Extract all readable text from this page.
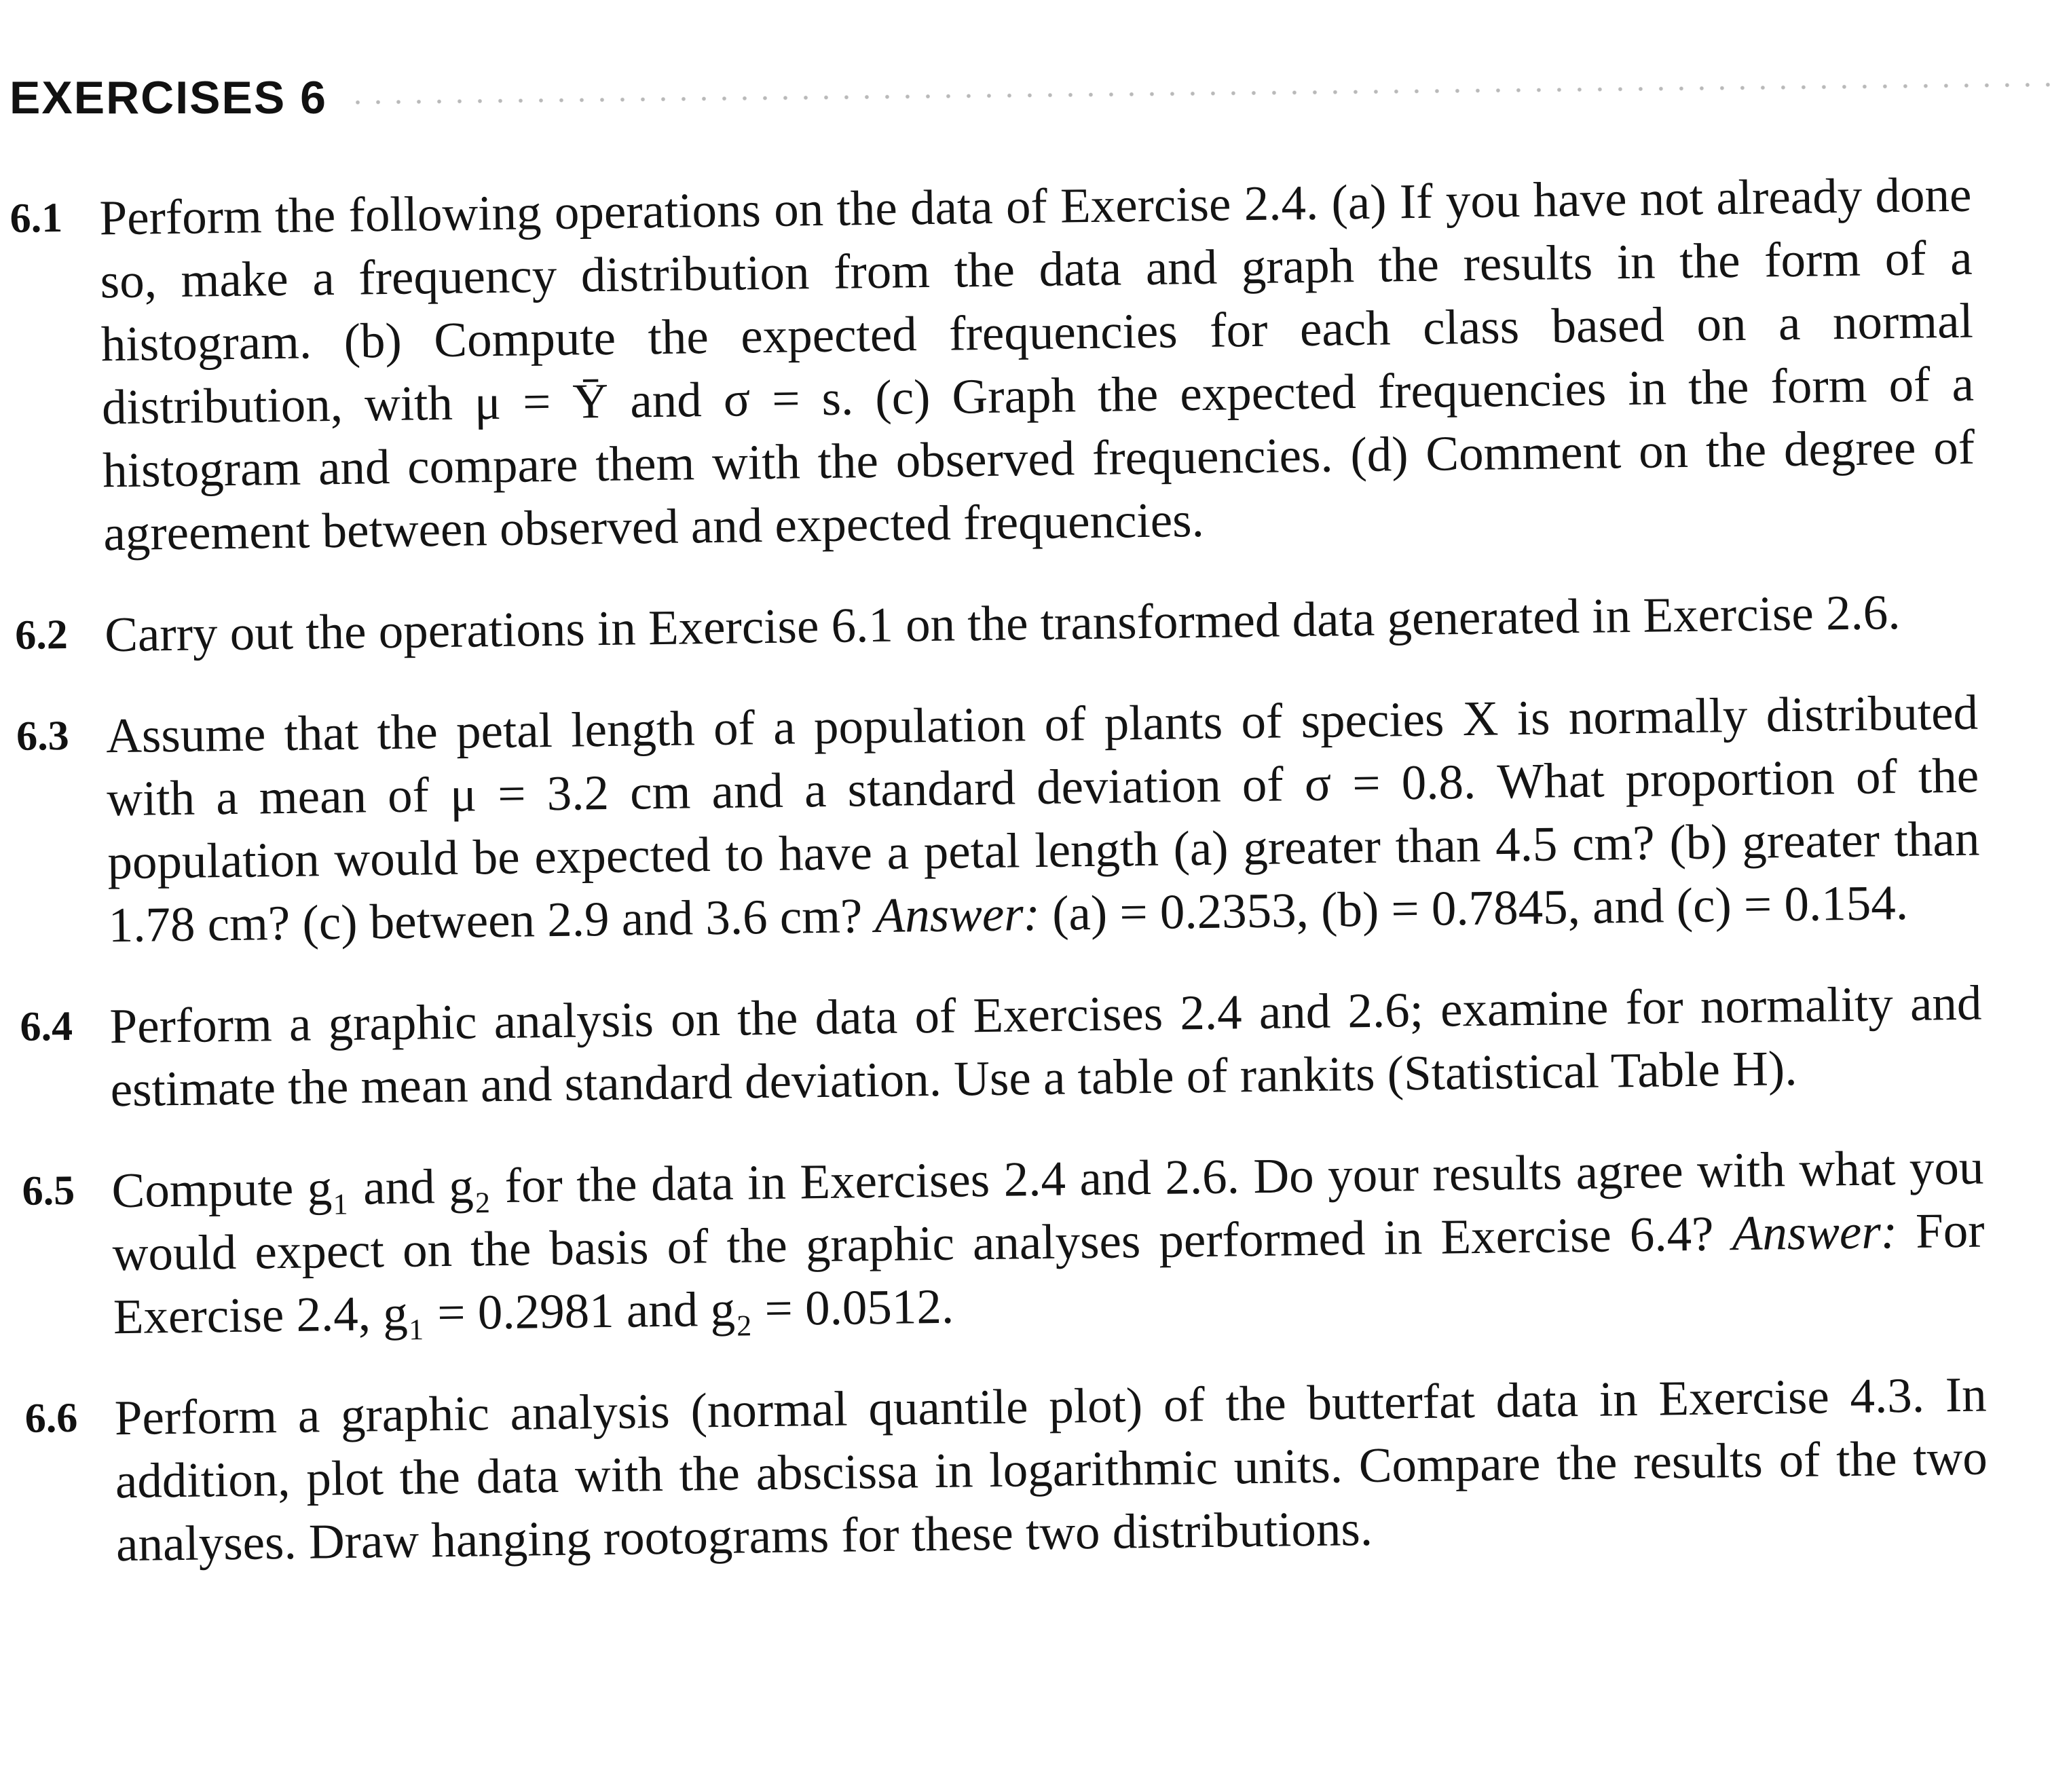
EXERCISES 6
6.1 Perform the following operations on the data of Exercise 2.4. (a) If you have not already done so, make a frequency distribution from the data and graph the results in the form of a histogram. (b) Compute the expected frequencies for each class based on a normal distribution, with μ = Ȳ and σ = s. (c) Graph the expected frequencies in the form of a histogram and compare them with the observed frequencies. (d) Comment on the degree of agreement between observed and expected frequencies.
6.2 Carry out the operations in Exercise 6.1 on the transformed data generated in Exercise 2.6.
6.3 Assume that the petal length of a population of plants of species X is normally distributed with a mean of μ = 3.2 cm and a standard deviation of σ = 0.8. What proportion of the population would be expected to have a petal length (a) greater than 4.5 cm? (b) greater than 1.78 cm? (c) between 2.9 and 3.6 cm? Answer: (a) = 0.2353, (b) = 0.7845, and (c) = 0.154.
6.4 Perform a graphic analysis on the data of Exercises 2.4 and 2.6; examine for normality and estimate the mean and standard deviation. Use a table of rankits (Statistical Table H).
6.5 Compute g₁ and g₂ for the data in Exercises 2.4 and 2.6. Do your results agree with what you would expect on the basis of the graphic analyses performed in Exercise 6.4? Answer: For Exercise 2.4, g₁ = 0.2981 and g₂ = 0.0512.
6.6 Perform a graphic analysis (normal quantile plot) of the butterfat data in Exercise 4.3. In addition, plot the data with the abscissa in logarithmic units. Compare the results of the two analyses. Draw hanging rootograms for these two distributions.
